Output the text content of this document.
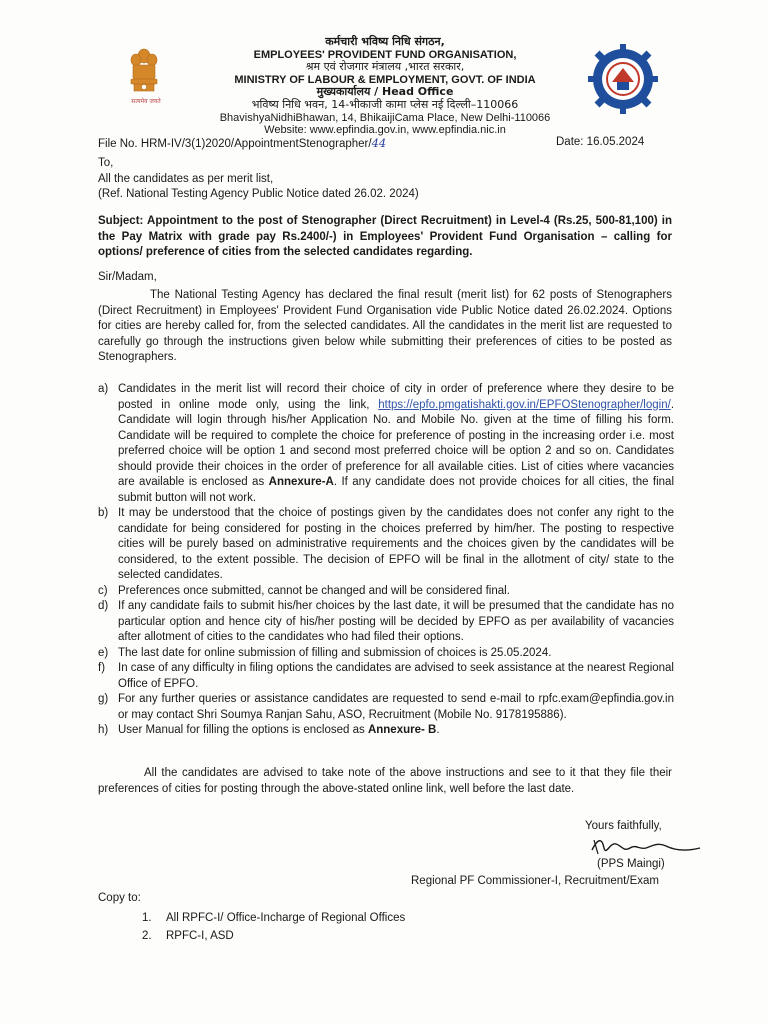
सत्यमेव जयते
कर्मचारी भविष्य निधि संगठन,
EMPLOYEES' PROVIDENT FUND ORGANISATION,
श्रम एवं रोजगार मंत्रालय ,भारत सरकार,
MINISTRY OF LABOUR & EMPLOYMENT, GOVT. OF INDIA
मुख्यकार्यालय / Head Office
भविष्य निधि भवन, 14-भीकाजी कामा प्लेस नई दिल्ली–110066
BhavishyaNidhiBhawan, 14, BhikaijiCama Place, New Delhi-110066
Website: www.epfindia.gov.in, www.epfindia.nic.in
File No. HRM-IV/3(1)2020/AppointmentStenographer/44	Date: 16.05.2024
To,
All the candidates as per merit list,
(Ref. National Testing Agency Public Notice dated 26.02. 2024)
Subject: Appointment to the post of Stenographer (Direct Recruitment) in Level-4 (Rs.25, 500-81,100) in the Pay Matrix with grade pay Rs.2400/-) in Employees' Provident Fund Organisation – calling for options/ preference of cities from the selected candidates regarding.
Sir/Madam,
The National Testing Agency has declared the final result (merit list) for 62 posts of Stenographers (Direct Recruitment) in Employees' Provident Fund Organisation vide Public Notice dated 26.02.2024. Options for cities are hereby called for, from the selected candidates. All the candidates in the merit list are requested to carefully go through the instructions given below while submitting their preferences of cities to be posted as Stenographers.
a) Candidates in the merit list will record their choice of city in order of preference where they desire to be posted in online mode only, using the link, https://epfo.pmgatishakti.gov.in/EPFOStenographer/login/. Candidate will login through his/her Application No. and Mobile No. given at the time of filling his form. Candidate will be required to complete the choice for preference of posting in the increasing order i.e. most preferred choice will be option 1 and second most preferred choice will be option 2 and so on. Candidates should provide their choices in the order of preference for all available cities. List of cities where vacancies are available is enclosed as Annexure-A. If any candidate does not provide choices for all cities, the final submit button will not work.
b) It may be understood that the choice of postings given by the candidates does not confer any right to the candidate for being considered for posting in the choices preferred by him/her. The posting to respective cities will be purely based on administrative requirements and the choices given by the candidates will be considered, to the extent possible. The decision of EPFO will be final in the allotment of city/ state to the selected candidates.
c) Preferences once submitted, cannot be changed and will be considered final.
d) If any candidate fails to submit his/her choices by the last date, it will be presumed that the candidate has no particular option and hence city of his/her posting will be decided by EPFO as per availability of vacancies after allotment of cities to the candidates who had filed their options.
e) The last date for online submission of filling and submission of choices is 25.05.2024.
f) In case of any difficulty in filing options the candidates are advised to seek assistance at the nearest Regional Office of EPFO.
g) For any further queries or assistance candidates are requested to send e-mail to rpfc.exam@epfindia.gov.in or may contact Shri Soumya Ranjan Sahu, ASO, Recruitment (Mobile No. 9178195886).
h) User Manual for filling the options is enclosed as Annexure- B.
All the candidates are advised to take note of the above instructions and see to it that they file their preferences of cities for posting through the above-stated online link, well before the last date.
Yours faithfully,
(PPS Maingi)
Regional PF Commissioner-I, Recruitment/Exam
Copy to:
1. All RPFC-I/ Office-Incharge of Regional Offices
2. RPFC-I, ASD
